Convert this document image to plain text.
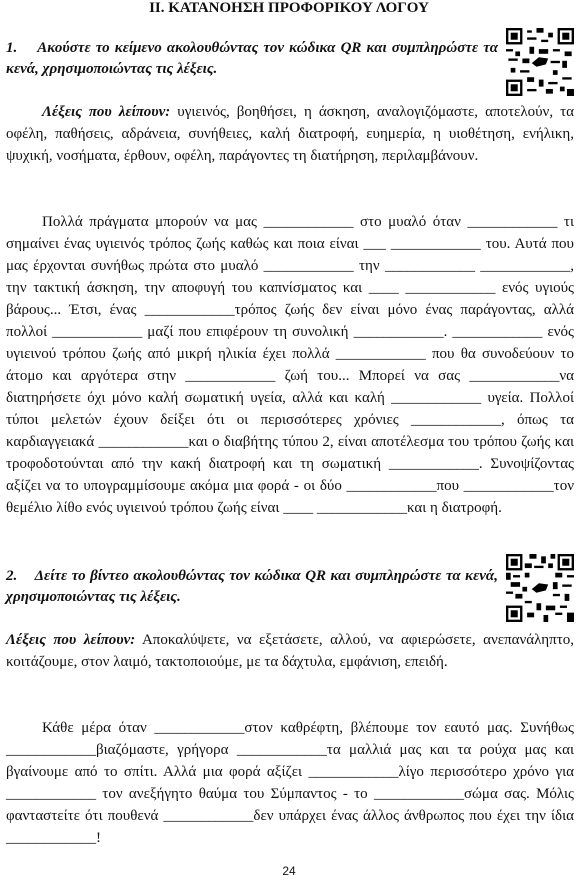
ΙΙ. ΚΑΤΑΝΟΗΣΗ ΠΡΟΦΟΡΙΚΟΥ ΛΟΓΟΥ

1. Ακούστε το κείμενο ακολουθώντας τον κώδικα QR και συμπληρώστε τα κενά, χρησιμοποιώντας τις λέξεις.

Λέξεις που λείπουν: υγιεινός, βοηθήσει, η άσκηση, αναλογιζόμαστε, αποτελούν, τα οφέλη, παθήσεις, αδράνεια, συνήθειες, καλή διατροφή, ευημερία, η υιοθέτηση, ενήλικη, ψυχική, νοσήματα, έρθουν, οφέλη, παράγοντες τη διατήρηση, περιλαμβάνουν.

Πολλά πράγματα μπορούν να μας ____________ στο μυαλό όταν ____________ τι σημαίνει ένας υγιεινός τρόπος ζωής καθώς και ποια είναι ___ ____________ του. Αυτά που μας έρχονται συνήθως πρώτα στο μυαλό ____________ την ____________ ____________, την τακτική άσκηση, την αποφυγή του καπνίσματος και ____ ____________ ενός υγιούς βάρους... Έτσι, ένας ____________τρόπος ζωής δεν είναι μόνο ένας παράγοντας, αλλά πολλοί ____________ μαζί που επιφέρουν τη συνολική ____________. ____________ ενός υγιεινού τρόπου ζωής από μικρή ηλικία έχει πολλά ____________ που θα συνοδεύουν το άτομο και αργότερα στην ____________ ζωή του... Μπορεί να σας ____________να διατηρήσετε όχι μόνο καλή σωματική υγεία, αλλά και καλή ____________ υγεία. Πολλοί τύποι μελετών έχουν δείξει ότι οι περισσότερες χρόνιες ____________, όπως τα καρδιαγγειακά ____________και ο διαβήτης τύπου 2, είναι αποτέλεσμα του τρόπου ζωής και τροφοδοτούνται από την κακή διατροφή και τη σωματική ____________. Συνοψίζοντας αξίζει να το υπογραμμίσουμε ακόμα μια φορά - οι δύο ____________που ____________τον θεμέλιο λίθο ενός υγιεινού τρόπου ζωής είναι ____ ____________και η διατροφή.

2. Δείτε το βίντεο ακολουθώντας τον κώδικα QR και συμπληρώστε τα κενά, χρησιμοποιώντας τις λέξεις.

Λέξεις που λείπουν: Αποκαλύψετε, να εξετάσετε, αλλού, να αφιερώσετε, ανεπανάληπτο, κοιτάζουμε, στον λαιμό, τακτοποιούμε, με τα δάχτυλα, εμφάνιση, επειδή.

Κάθε μέρα όταν ____________στον καθρέφτη, βλέπουμε τον εαυτό μας. Συνήθως ____________βιαζόμαστε, γρήγορα ____________τα μαλλιά μας και τα ρούχα μας και βγαίνουμε από το σπίτι. Αλλά μια φορά αξίζει ____________λίγο περισσότερο χρόνο για ____________ τον ανεξήγητο θαύμα του Σύμπαντος - το ____________σώμα σας. Μόλις φανταστείτε ότι πουθενά ____________δεν υπάρχει ένας άλλος άνθρωπος που έχει την ίδια ____________!

24
